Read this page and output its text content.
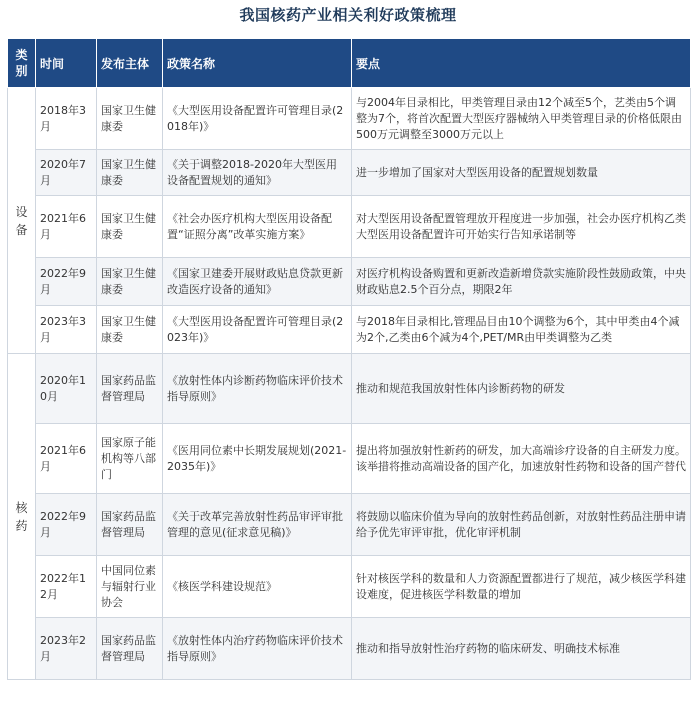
我国核药产业相关利好政策梳理
类别	时间	发布主体	政策名称	要点
设备	2018年3月	国家卫生健康委	《大型医用设备配置许可管理目录(2018年)》	与2004年目录相比，甲类管理目录由12个减至5个，艺类由5个调整为7个，将首次配置大型医疗器械纳入甲类管理目录的价格低限由500万元调整至3000万元以上
	2020年7月	国家卫生健康委	《关于调整2018-2020年大型医用设备配置规划的通知》	进一步增加了国家对大型医用设备的配置规划数量
	2021年6月	国家卫生健康委	《社会办医疗机构大型医用设备配置“证照分离”改革实施方案》	对大型医用设备配置管理放开程度进一步加强，社会办医疗机构乙类大型医用设备配置许可开始实行告知承诺制等
	2022年9月	国家卫生健康委	《国家卫建委开展财政贴息贷款更新改造医疗设备的通知》	对医疗机构设备购置和更新改造新增贷款实施阶段性鼓励政策，中央财政贴息2.5个百分点，期限2年
	2023年3月	国家卫生健康委	《大型医用设备配置许可管理目录(2023年)》	与2018年目录相比,管理品目由10个调整为6个，其中甲类由4个减为2个,乙类由6个减为4个,PET/MR由甲类调整为乙类
核药	2020年10月	国家药品监督管理局	《放射性体内诊断药物临床评价技术指导原则》	推动和规范我国放射性体内诊断药物的研发
	2021年6月	国家原子能机构等八部门	《医用同位素中长期发展规划(2021-2035年)》	提出将加强放射性新药的研发，加大高端诊疗设备的自主研发力度。该举措将推动高端设备的国产化，加速放射性药物和设备的国产替代
	2022年9月	国家药品监督管理局	《关于改革完善放射性药品审评审批管理的意见(征求意见稿)》	将鼓励以临床价值为导向的放射性药品创新，对放射性药品注册申请给予优先审评审批，优化审评机制
	2022年12月	中国同位素与辐射行业协会	《核医学科建设规范》	针对核医学科的数量和人力资源配置都进行了规范，减少核医学科建设难度，促进核医学科数量的增加
	2023年2月	国家药品监督管理局	《放射性体内治疗药物临床评价技术指导原则》	推动和指导放射性治疗药物的临床研发、明确技术标准
